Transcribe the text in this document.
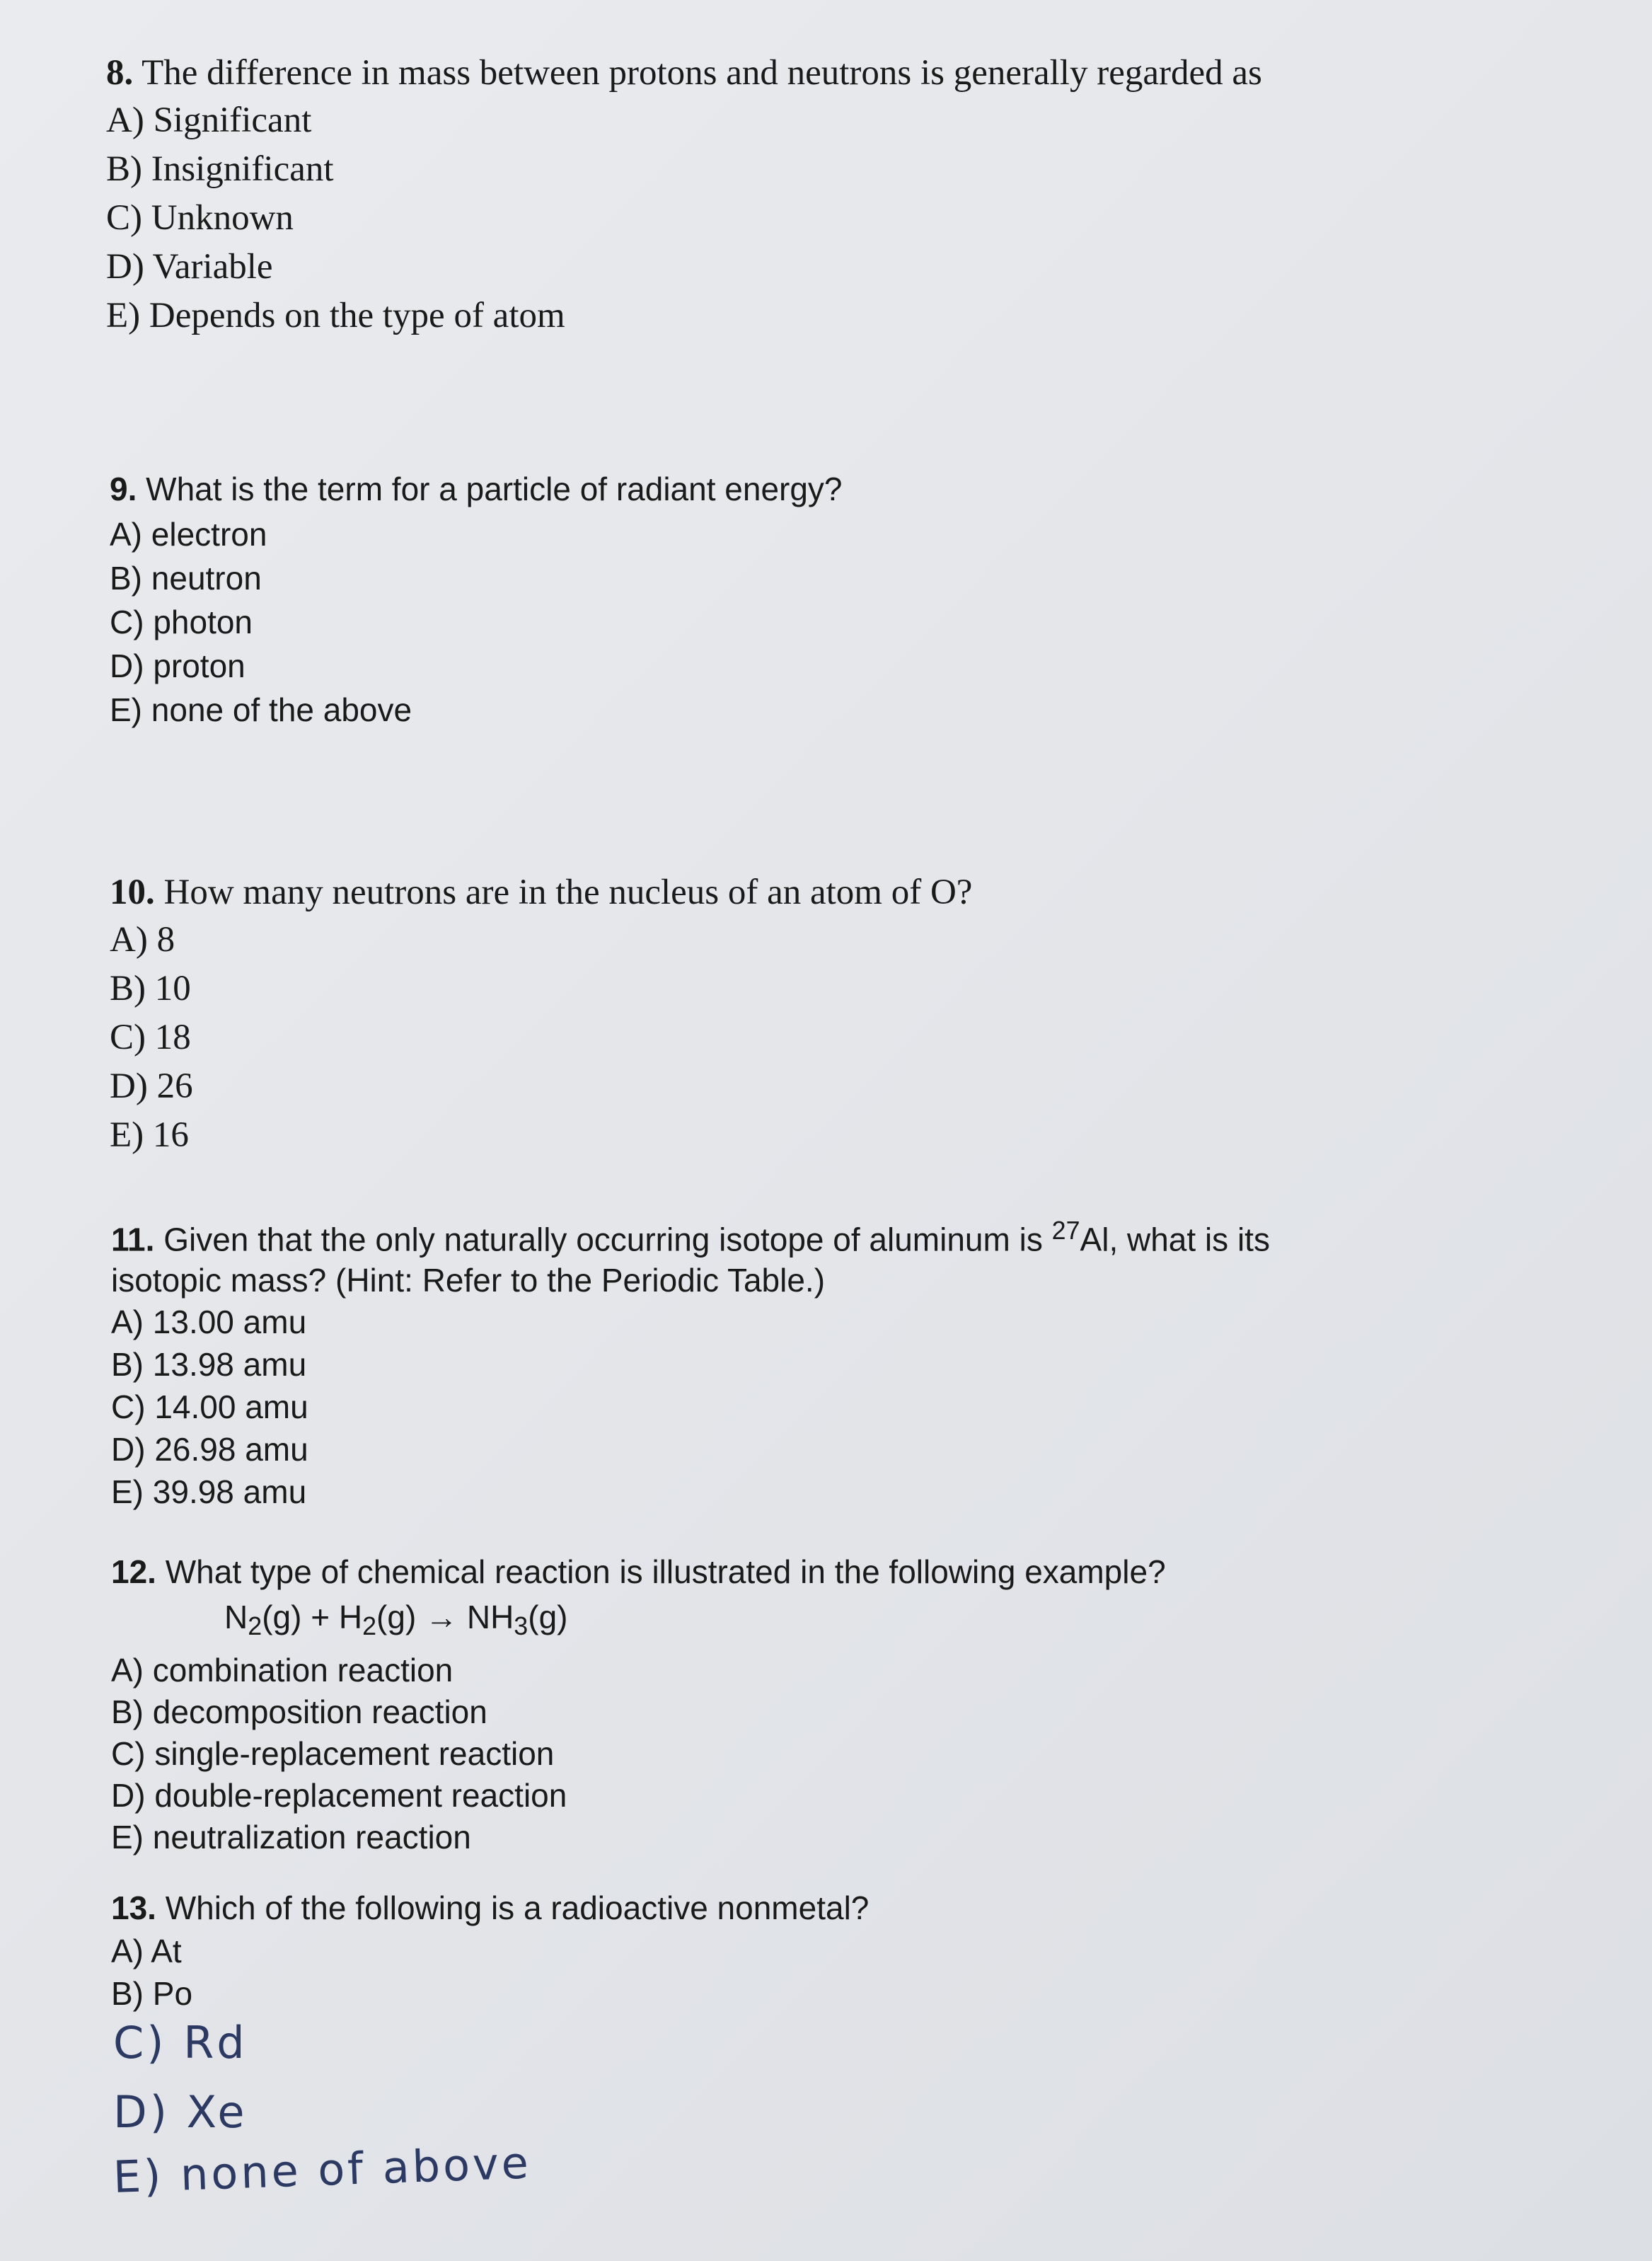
⠀
8. The difference in mass between protons and neutrons is generally regarded as
A) Significant
B) Insignificant
C) Unknown
D) Variable
E) Depends on the type of atom
9. What is the term for a particle of radiant energy?
A) electron
B) neutron
C) photon
D) proton
E) none of the above
10. How many neutrons are in the nucleus of an atom of O?
A) 8
B) 10
C) 18
D) 26
E) 16
11. Given that the only naturally occurring isotope of aluminum is $^{27}$Al, what is its
isotopic mass? (Hint: Refer to the Periodic Table.)
A) 13.00 amu
B) 13.98 amu
C) 14.00 amu
D) 26.98 amu
E) 39.98 amu
12. What type of chemical reaction is illustrated in the following example?
$N_2(g) + H_2(g) \to NH_3(g)$
A) combination reaction
B) decomposition reaction
C) single-replacement reaction
D) double-replacement reaction
E) neutralization reaction
13. Which of the following is a radioactive nonmetal?
A) At
B) Po
C) Rd
D) Xe
E) none of above
